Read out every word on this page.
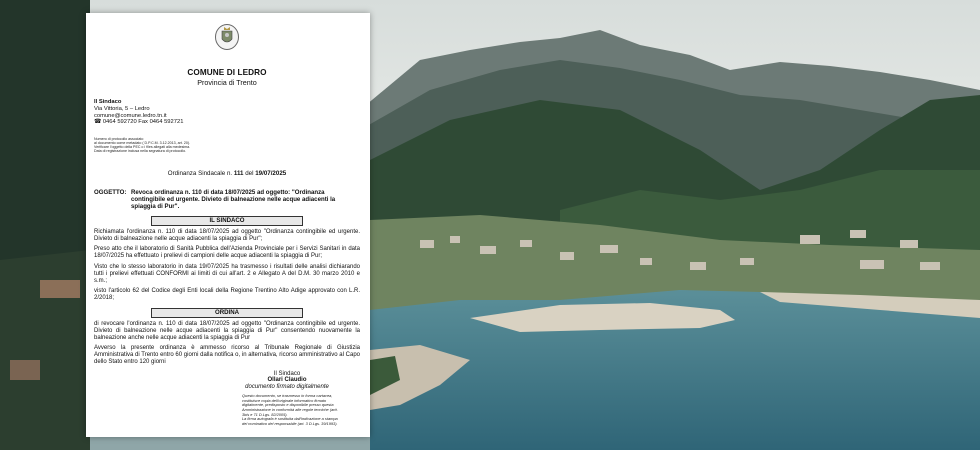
COMUNE DI LEDRO
Provincia di Trento
Il Sindaco
Via Vittoria, 5 – Ledro
comune@comune.ledro.tn.it
☎ 0464 592720 Fax 0464 592721
Numero di protocollo associato
al documento come metadato ( D.P.C.M. 3.12.2013, art. 20).
Verificare l'oggetto della PEC o i files allegati alla medesima.
Data di registrazione inclusa nella segnatura di protocollo.
Ordinanza Sindacale n. 111 del 19/07/2025
OGGETTO: Revoca ordinanza n. 110 di data 18/07/2025 ad oggetto: "Ordinanza contingibile ed urgente. Divieto di balneazione nelle acque adiacenti la spiaggia di Pur".
IL SINDACO
Richiamata l'ordinanza n. 110 di data 18/07/2025 ad oggetto "Ordinanza contingibile ed urgente. Divieto di balneazione nelle acque adiacenti la spiaggia di Pur";
Preso atto che il laboratorio di Sanità Pubblica dell'Azienda Provinciale per i Servizi Sanitari in data 18/07/2025 ha effettuato i prelievi di campioni delle acque adiacenti la spiaggia di Pur;
Visto che lo stesso laboratorio in data 19/07/2025 ha trasmesso i risultati delle analisi dichiarando tutti i prelievi effettuati CONFORMI ai limiti di cui all'art. 2 e Allegato A del D.M. 30 marzo 2010 e s.m.;
visto l'articolo 62 del Codice degli Enti locali della Regione Trentino Alto Adige approvato con L.R. 2/2018;
ORDINA
di revocare l'ordinanza n. 110 di data 18/07/2025 ad oggetto "Ordinanza contingibile ed urgente. Divieto di balneazione nelle acque adiacenti la spiaggia di Pur" consentendo nuovamente la balneazione anche nelle acque adiacenti la spiaggia di Pur
Avverso la presente ordinanza è ammesso ricorso al Tribunale Regionale di Giustizia Amministrativa di Trento entro 60 giorni dalla notifica o, in alternativa, ricorso amministrativo al Capo dello Stato entro 120 giorni
Il Sindaco
Ollari Claudio
documento firmato digitalmente
Questo documento, se trasmesso in forma cartacea,
costituisce copia dell'originale informatico firmato
digitalmente, predisposto e disponibile presso questa
Amministrazione in conformità alle regole tecniche (artt.
3bis e 71 D.Lgs. 82/2005).
La firma autografa è sostituita dall'indicazione a stampa
del nominativo del responsabile (art. 3 D.Lgs. 39/1993).
